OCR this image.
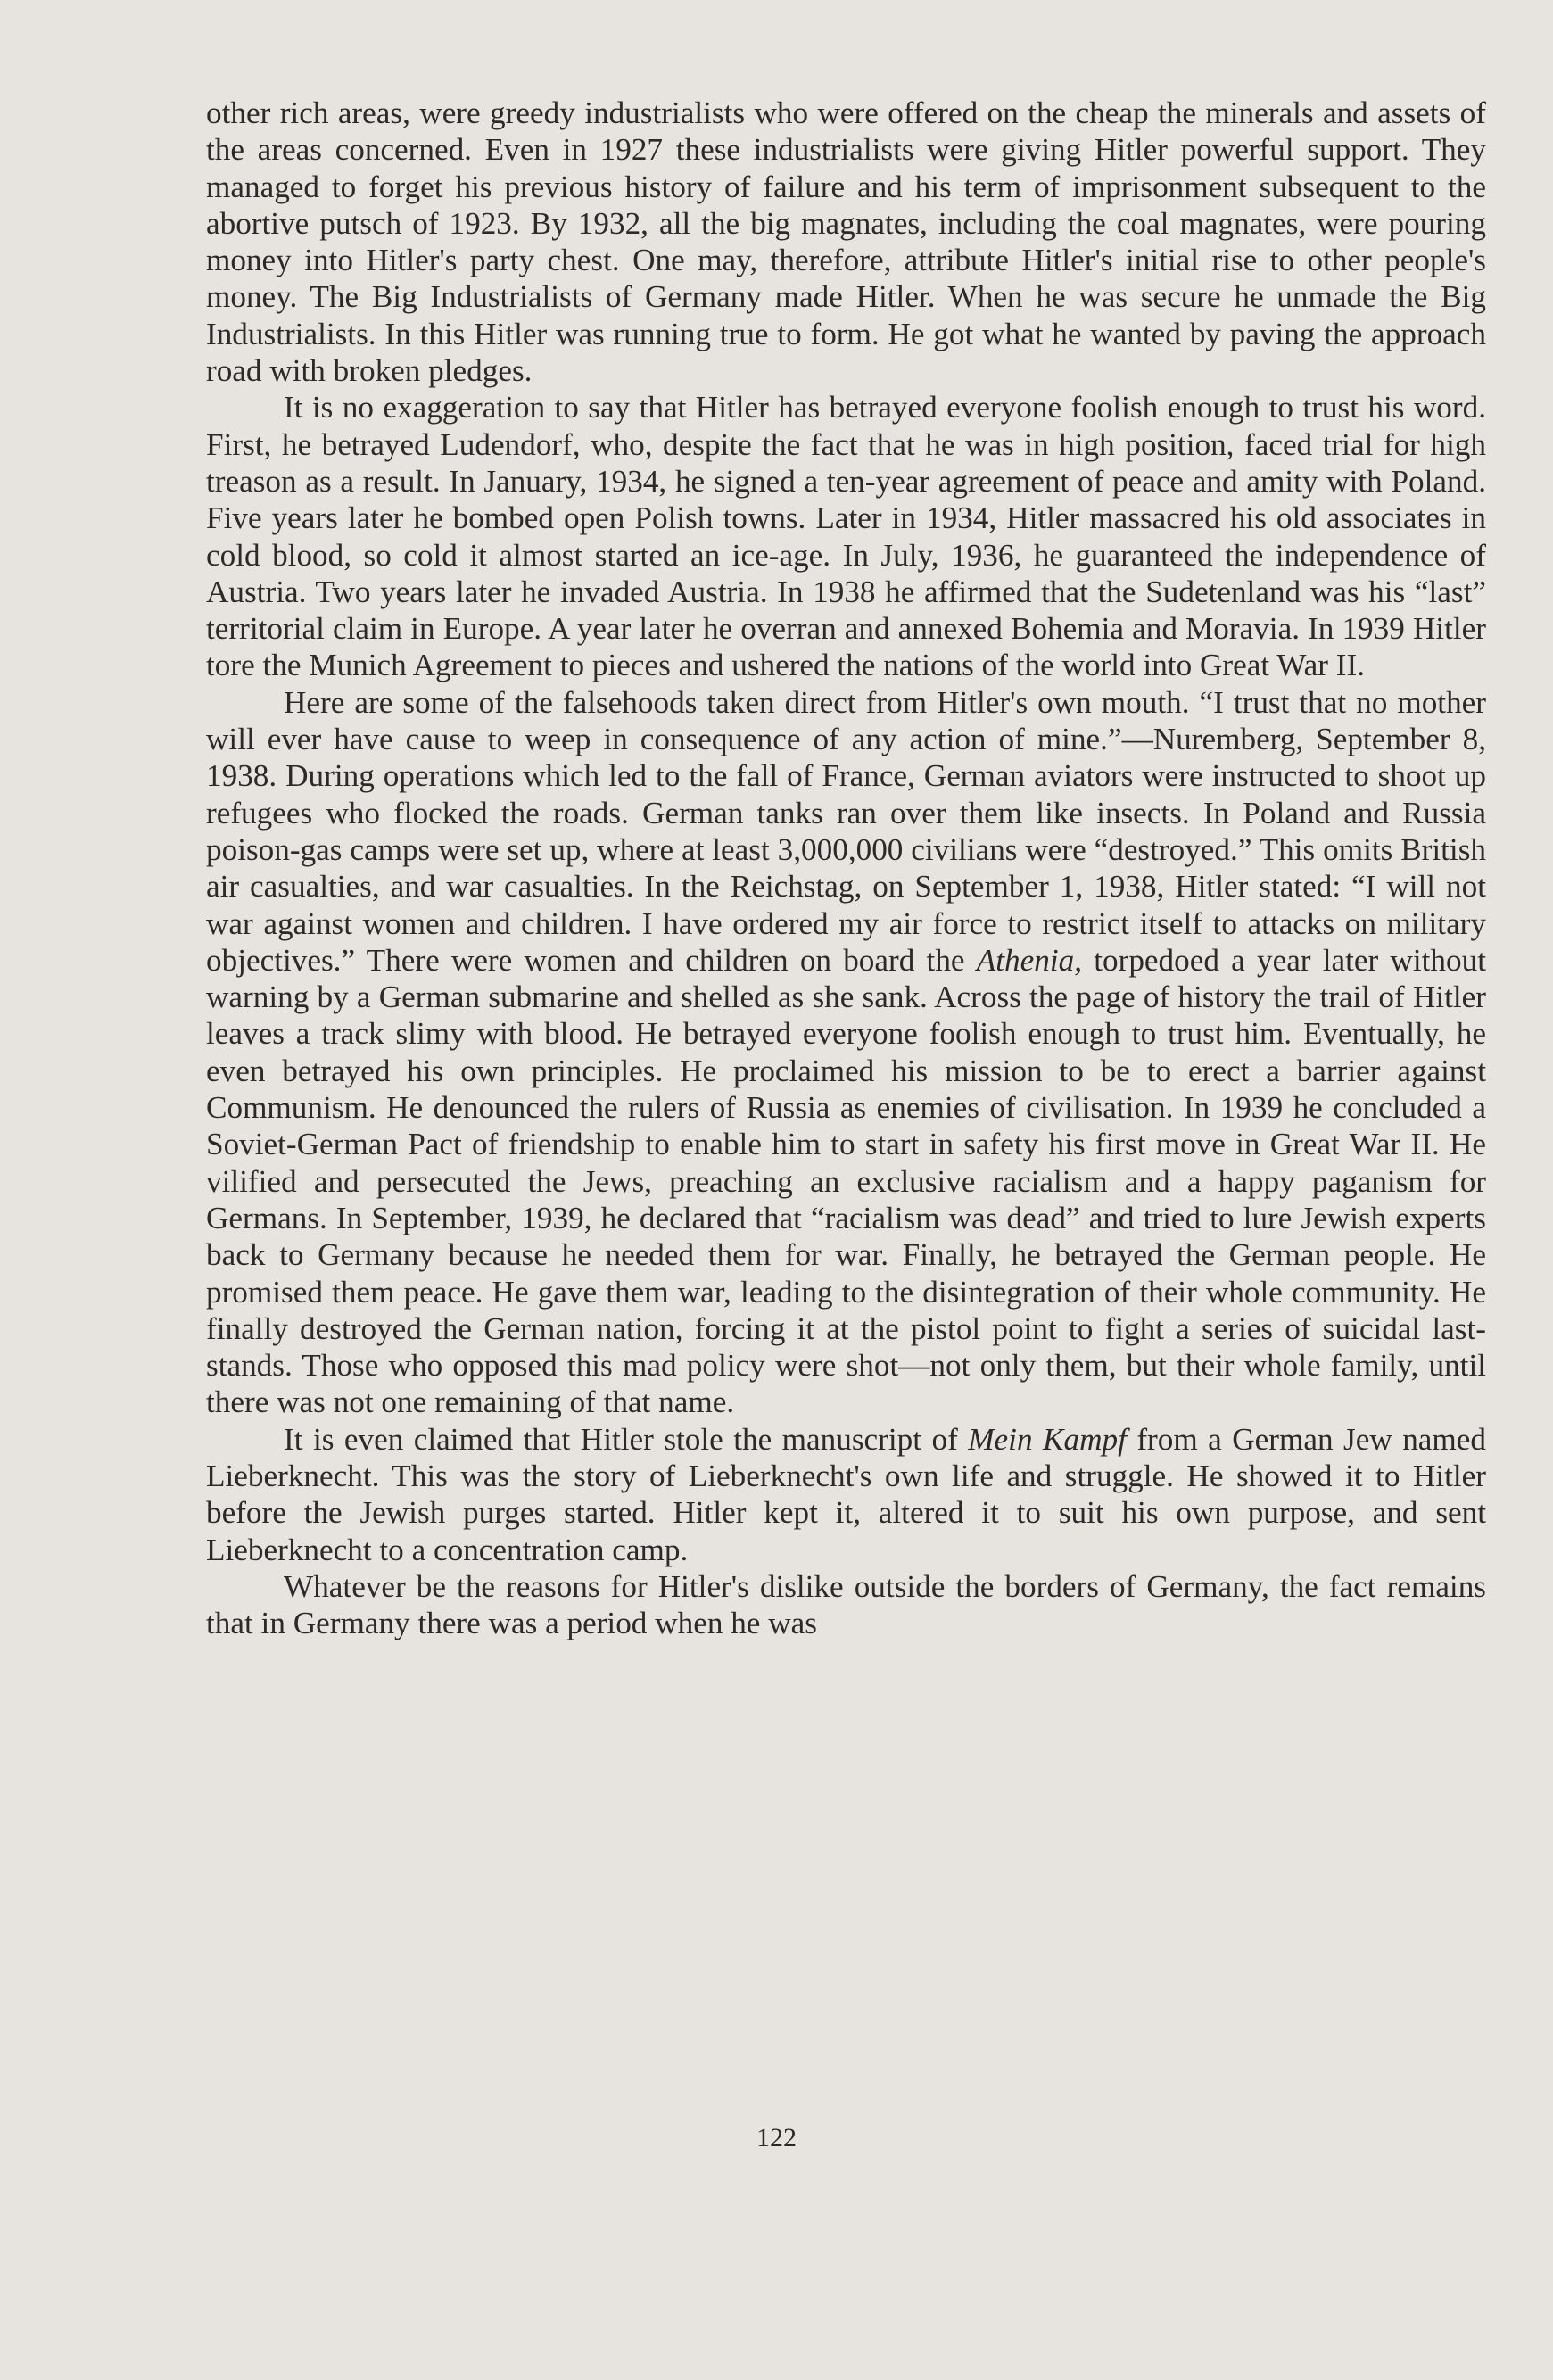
other rich areas, were greedy industrialists who were offered on the cheap the minerals and assets of the areas concerned. Even in 1927 these industrialists were giving Hitler powerful support. They managed to forget his previous history of failure and his term of imprisonment subsequent to the abortive putsch of 1923. By 1932, all the big magnates, including the coal magnates, were pouring money into Hitler's party chest. One may, therefore, attribute Hitler's initial rise to other people's money. The Big Industrialists of Germany made Hitler. When he was secure he unmade the Big Industrialists. In this Hitler was running true to form. He got what he wanted by paving the approach road with broken pledges.

It is no exaggeration to say that Hitler has betrayed everyone foolish enough to trust his word. First, he betrayed Ludendorf, who, despite the fact that he was in high position, faced trial for high treason as a result. In January, 1934, he signed a ten-year agreement of peace and amity with Poland. Five years later he bombed open Polish towns. Later in 1934, Hitler massacred his old associates in cold blood, so cold it almost started an ice-age. In July, 1936, he guaranteed the independence of Austria. Two years later he invaded Austria. In 1938 he affirmed that the Sudetenland was his “last” territorial claim in Europe. A year later he overran and annexed Bohemia and Moravia. In 1939 Hitler tore the Munich Agreement to pieces and ushered the nations of the world into Great War II.

Here are some of the falsehoods taken direct from Hitler's own mouth. “I trust that no mother will ever have cause to weep in consequence of any action of mine.”—Nuremberg, September 8, 1938. During operations which led to the fall of France, German aviators were instructed to shoot up refugees who flocked the roads. German tanks ran over them like insects. In Poland and Russia poison-gas camps were set up, where at least 3,000,000 civilians were “destroyed.” This omits British air casualties, and war casualties. In the Reichstag, on September 1, 1938, Hitler stated: “I will not war against women and children. I have ordered my air force to restrict itself to attacks on military objectives.” There were women and children on board the Athenia, torpedoed a year later without warning by a German submarine and shelled as she sank. Across the page of history the trail of Hitler leaves a track slimy with blood. He betrayed everyone foolish enough to trust him. Eventually, he even betrayed his own principles. He proclaimed his mission to be to erect a barrier against Communism. He denounced the rulers of Russia as enemies of civilisation. In 1939 he concluded a Soviet-German Pact of friendship to enable him to start in safety his first move in Great War II. He vilified and persecuted the Jews, preaching an exclusive racialism and a happy paganism for Germans. In September, 1939, he declared that “racialism was dead” and tried to lure Jewish experts back to Germany because he needed them for war. Finally, he betrayed the German people. He promised them peace. He gave them war, leading to the disintegration of their whole community. He finally destroyed the German nation, forcing it at the pistol point to fight a series of suicidal last-stands. Those who opposed this mad policy were shot—not only them, but their whole family, until there was not one remaining of that name.

It is even claimed that Hitler stole the manuscript of Mein Kampf from a German Jew named Lieberknecht. This was the story of Lieberknecht's own life and struggle. He showed it to Hitler before the Jewish purges started. Hitler kept it, altered it to suit his own purpose, and sent Lieberknecht to a concentration camp.

Whatever be the reasons for Hitler's dislike outside the borders of Germany, the fact remains that in Germany there was a period when he was

122
